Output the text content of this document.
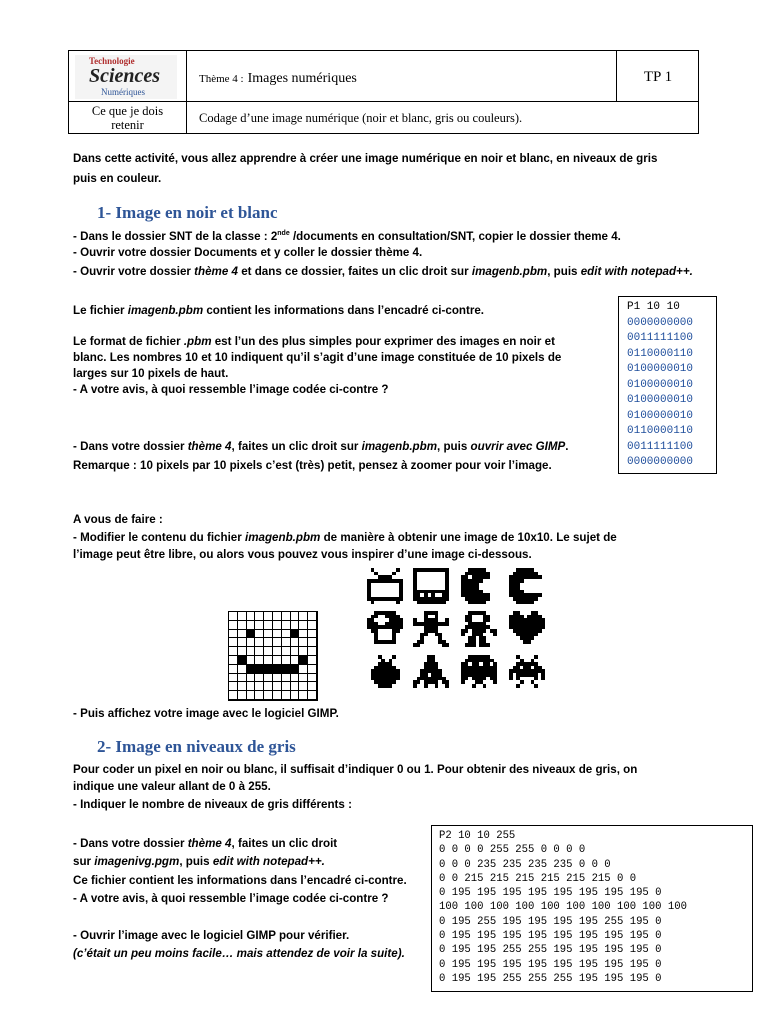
Technologie
Sciences
Numériques
Ce que je dois
retenir
Thème 4 : Images numériques	TP 1
Codage d’une image numérique (noir et blanc, gris ou couleurs).
Dans cette activité, vous allez apprendre à créer une image numérique en noir et blanc, en niveaux de gris
puis en couleur.
1- Image en noir et blanc
- Dans le dossier SNT de la classe : 2nde /documents en consultation/SNT, copier le dossier theme 4.
- Ouvrir votre dossier Documents et y coller le dossier thème 4.
- Ouvrir votre dossier thème 4 et dans ce dossier, faites un clic droit sur imagenb.pbm, puis edit with notepad++.
Le fichier imagenb.pbm contient les informations dans l’encadré ci-contre.
Le format de fichier .pbm est l’un des plus simples pour exprimer des images en noir et
blanc. Les nombres 10 et 10 indiquent qu’il s’agit d’une image constituée de 10 pixels de
larges sur 10 pixels de haut.
- A votre avis, à quoi ressemble l’image codée ci-contre ?
- Dans votre dossier thème 4, faites un clic droit sur imagenb.pbm, puis ouvrir avec GIMP.
Remarque : 10 pixels par 10 pixels c’est (très) petit, pensez à zoomer pour voir l’image.
A vous de faire :
- Modifier le contenu du fichier imagenb.pbm de manière à obtenir une image de 10x10. Le sujet de
l’image peut être libre, ou alors vous pouvez vous inspirer d’une image ci-dessous.
P1 10 10
0000000000
0011111100
0110000110
0100000010
0100000010
0100000010
0100000010
0110000110
0011111100
0000000000
- Puis affichez votre image avec le logiciel GIMP.
2- Image en niveaux de gris
Pour coder un pixel en noir ou blanc, il suffisait d’indiquer 0 ou 1. Pour obtenir des niveaux de gris, on
indique une valeur allant de 0 à 255.
- Indiquer le nombre de niveaux de gris différents :
- Dans votre dossier thème 4, faites un clic droit
sur imagenivg.pgm, puis edit with notepad++.
Ce fichier contient les informations dans l’encadré ci-contre.
- A votre avis, à quoi ressemble l’image codée ci-contre ?
- Ouvrir l’image avec le logiciel GIMP pour vérifier.
(c’était un peu moins facile… mais attendez de voir la suite).
P2 10 10 255
0 0 0 0 255 255 0 0 0 0
0 0 0 235 235 235 235 0 0 0
0 0 215 215 215 215 215 215 0 0
0 195 195 195 195 195 195 195 195 0
100 100 100 100 100 100 100 100 100 100
0 195 255 195 195 195 195 255 195 0
0 195 195 195 195 195 195 195 195 0
0 195 195 255 255 195 195 195 195 0
0 195 195 195 195 195 195 195 195 0
0 195 195 255 255 255 195 195 195 0
